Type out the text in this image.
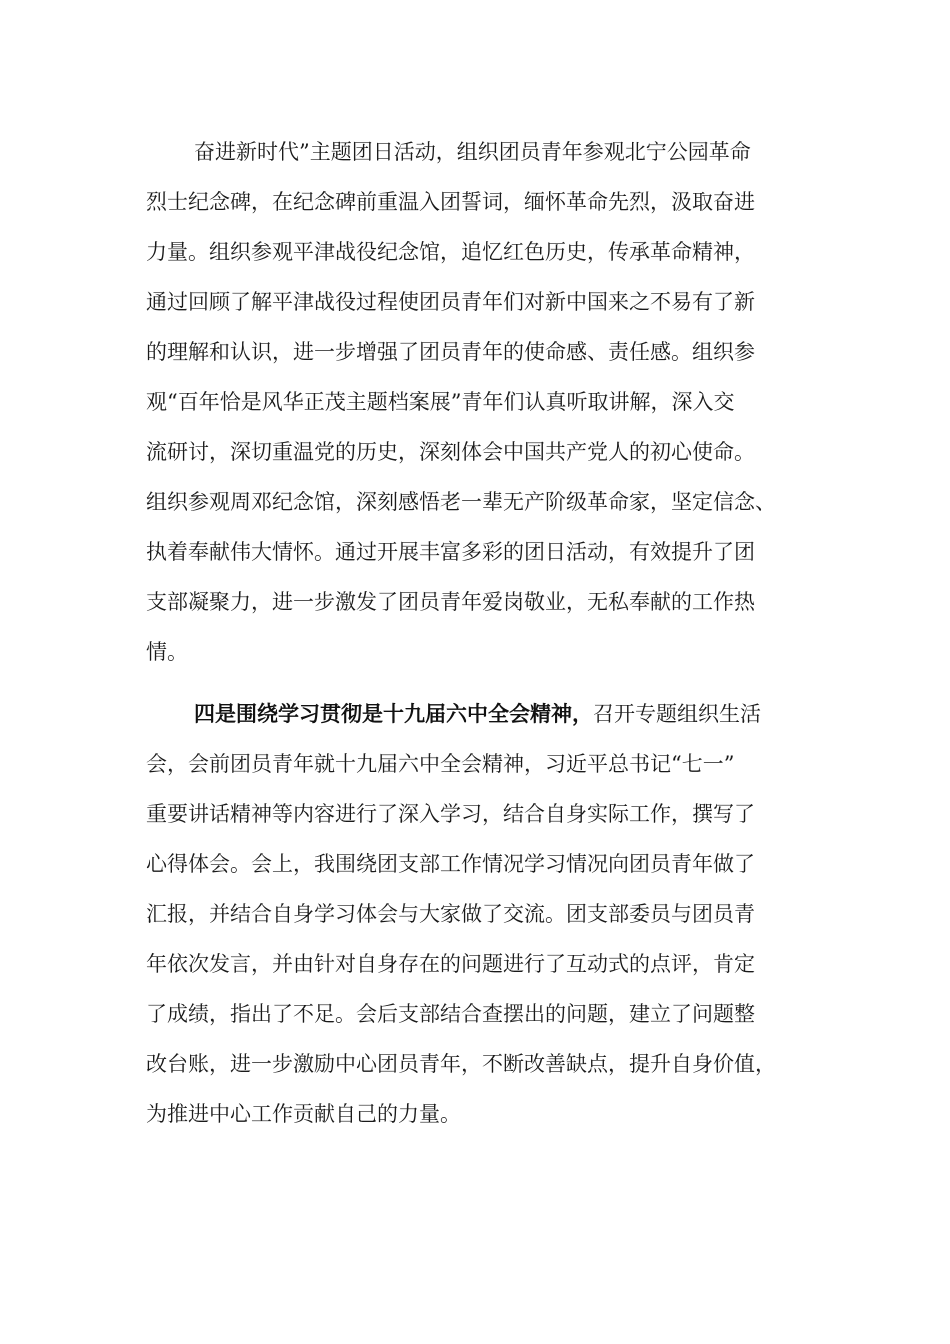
奋进新时代”主题团日活动，组织团员青年参观北宁公园革命
烈士纪念碑，在纪念碑前重温入团誓词，缅怀革命先烈，汲取奋进
力量。组织参观平津战役纪念馆，追忆红色历史，传承革命精神，
通过回顾了解平津战役过程使团员青年们对新中国来之不易有了新
的理解和认识，进一步增强了团员青年的使命感、责任感。组织参
观“百年恰是风华正茂主题档案展”青年们认真听取讲解，深入交
流研讨，深切重温党的历史，深刻体会中国共产党人的初心使命。
组织参观周邓纪念馆，深刻感悟老一辈无产阶级革命家，坚定信念、
执着奉献伟大情怀。通过开展丰富多彩的团日活动，有效提升了团
支部凝聚力，进一步激发了团员青年爱岗敬业，无私奉献的工作热
情。

四是围绕学习贯彻是十九届六中全会精神，召开专题组织生活
会，会前团员青年就十九届六中全会精神，习近平总书记“七一”
重要讲话精神等内容进行了深入学习，结合自身实际工作，撰写了
心得体会。会上，我围绕团支部工作情况学习情况向团员青年做了
汇报，并结合自身学习体会与大家做了交流。团支部委员与团员青
年依次发言，并由针对自身存在的问题进行了互动式的点评，肯定
了成绩，指出了不足。会后支部结合查摆出的问题，建立了问题整
改台账，进一步激励中心团员青年，不断改善缺点，提升自身价值，
为推进中心工作贡献自己的力量。
